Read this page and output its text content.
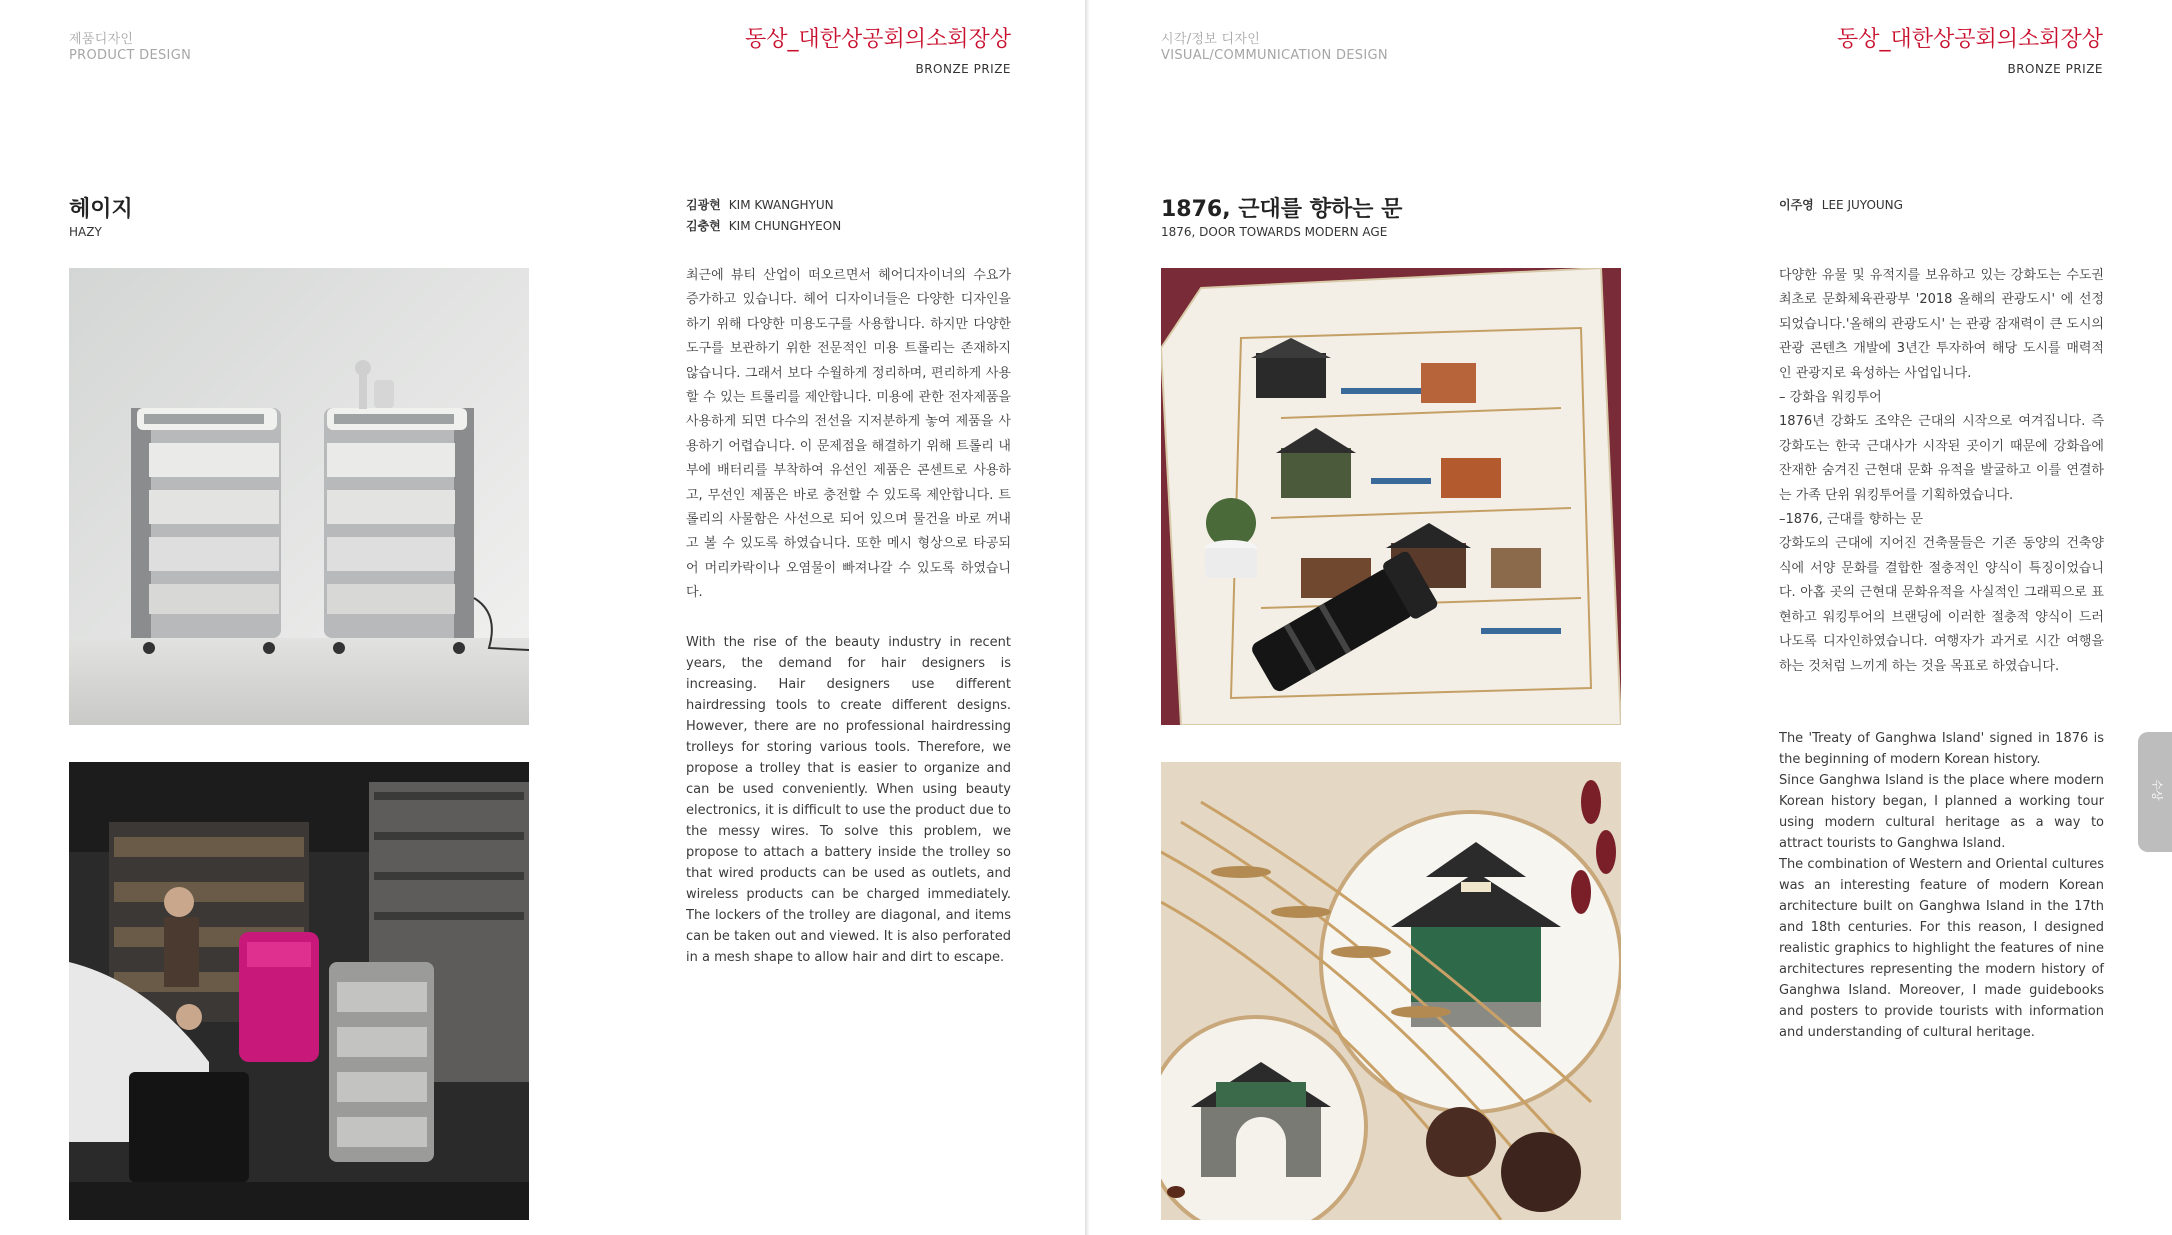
제품디자인
PRODUCT DESIGN
동상_대한상공회의소회장상
BRONZE PRIZE
헤이지
HAZY
김광현 KIM KWANGHYUN
김충현 KIM CHUNGHYEON

최근에 뷰티 산업이 떠오르면서 헤어디자이너의 수요가 증가하고 있습니다. 헤어 디자이너들은 다양한 디자인을 하기 위해 다양한 미용도구를 사용합니다. 하지만 다양한 도구를 보관하기 위한 전문적인 미용 트롤리는 존재하지 않습니다. 그래서 보다 수월하게 정리하며, 편리하게 사용할 수 있는 트롤리를 제안합니다. 미용에 관한 전자제품을 사용하게 되면 다수의 전선을 지저분하게 놓여 제품을 사용하기 어렵습니다. 이 문제점을 해결하기 위해 트롤리 내부에 배터리를 부착하여 유선인 제품은 콘센트로 사용하고, 무선인 제품은 바로 충전할 수 있도록 제안합니다. 트롤리의 사물함은 사선으로 되어 있으며 물건을 바로 꺼내고 볼 수 있도록 하였습니다. 또한 메시 형상으로 타공되어 머리카락이나 오염물이 빠져나갈 수 있도록 하였습니다.

With the rise of the beauty industry in recent years, the demand for hair designers is increasing. Hair designers use different hairdressing tools to create different designs. However, there are no professional hairdressing trolleys for storing various tools. Therefore, we propose a trolley that is easier to organize and can be used conveniently. When using beauty electronics, it is difficult to use the product due to the messy wires. To solve this problem, we propose to attach a battery inside the trolley so that wired products can be used as outlets, and wireless products can be charged immediately. The lockers of the trolley are diagonal, and items can be taken out and viewed. It is also perforated in a mesh shape to allow hair and dirt to escape.

시각/정보 디자인
VISUAL/COMMUNICATION DESIGN
동상_대한상공회의소회장상
BRONZE PRIZE
1876, 근대를 향하는 문
1876, DOOR TOWARDS MODERN AGE
이주영 LEE JUYOUNG

다양한 유물 및 유적지를 보유하고 있는 강화도는 수도권 최초로 문화체육관광부 '2018 올해의 관광도시' 에 선정되었습니다.'올해의 관광도시' 는 관광 잠재력이 큰 도시의 관광 콘텐츠 개발에 3년간 투자하여 해당 도시를 매력적인 관광지로 육성하는 사업입니다.

– 강화읍 워킹투어

1876년 강화도 조약은 근대의 시작으로 여겨집니다. 즉 강화도는 한국 근대사가 시작된 곳이기 때문에 강화읍에 잔재한 숨겨진 근현대 문화 유적을 발굴하고 이를 연결하는 가족 단위 워킹투어를 기획하였습니다.

–1876, 근대를 향하는 문

강화도의 근대에 지어진 건축물들은 기존 동양의 건축양식에 서양 문화를 결합한 절충적인 양식이 특징이었습니다. 아홉 곳의 근현대 문화유적을 사실적인 그래픽으로 표현하고 워킹투어의 브랜딩에 이러한 절충적 양식이 드러나도록 디자인하였습니다. 여행자가 과거로 시간 여행을 하는 것처럼 느끼게 하는 것을 목표로 하였습니다.

The 'Treaty of Ganghwa Island' signed in 1876 is the beginning of modern Korean history.

Since Ganghwa Island is the place where modern Korean history began, I planned a working tour using modern cultural heritage as a way to attract tourists to Ganghwa Island.

The combination of Western and Oriental cultures was an interesting feature of modern Korean architecture built on Ganghwa Island in the 17th and 18th centuries. For this reason, I designed realistic graphics to highlight the features of nine architectures representing the modern history of Ganghwa Island. Moreover, I made guidebooks and posters to provide tourists with information and understanding of cultural heritage.

수상
